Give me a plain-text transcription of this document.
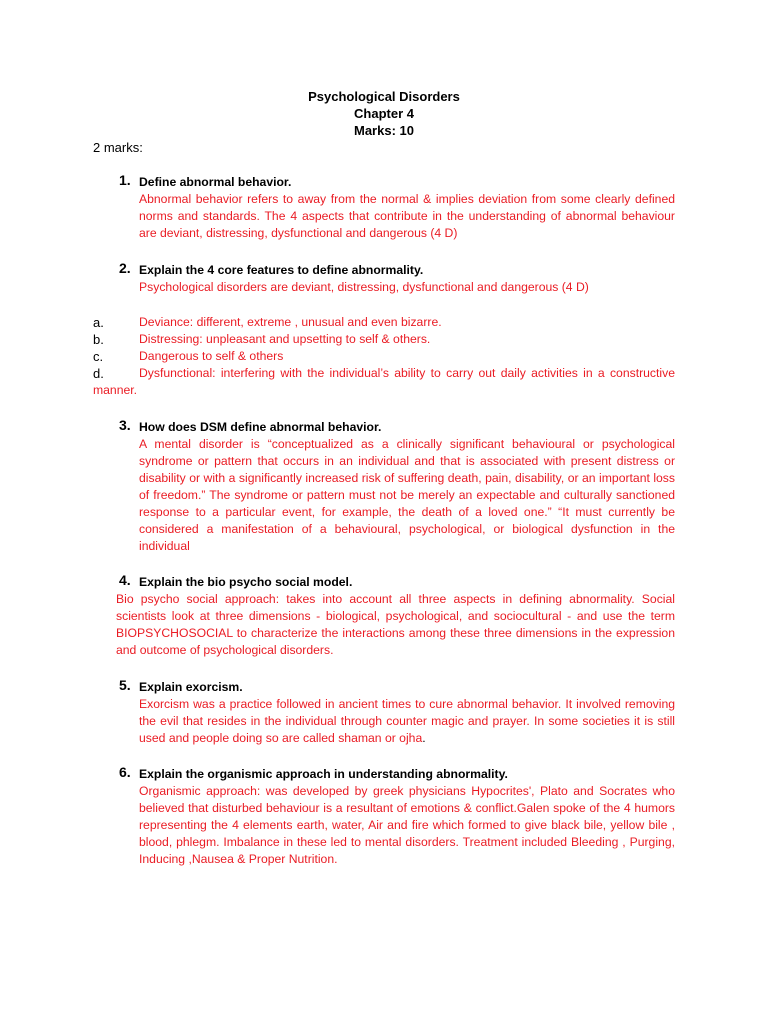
Psychological Disorders
Chapter 4
Marks: 10
2 marks:
1. Define abnormal behavior.
Abnormal behavior refers to away from the normal & implies deviation from some clearly defined norms and standards. The 4 aspects that contribute in the understanding of abnormal behaviour are deviant, distressing, dysfunctional and dangerous (4 D)
2. Explain the 4 core features to define abnormality.
Psychological disorders are deviant, distressing, dysfunctional and dangerous (4 D)
a.	Deviance: different, extreme , unusual and even bizarre.
b.	Distressing: unpleasant and upsetting to self & others.
c.	Dangerous to self & others
d.	Dysfunctional: interfering with the individual’s ability to carry out daily activities in a constructive manner.
3. How does DSM define abnormal behavior.
A mental disorder is “conceptualized as a clinically significant behavioural or psychological syndrome or pattern that occurs in an individual and that is associated with present distress or disability or with a significantly increased risk of suffering death, pain, disability, or an important loss of freedom.” The syndrome or pattern must not be merely an expectable and culturally sanctioned response to a particular event, for example, the death of a loved one.” “It must currently be considered a manifestation of a behavioural, psychological, or biological dysfunction in the individual
4. Explain the bio psycho social model.
Bio psycho social approach: takes into account all three aspects in defining abnormality. Social scientists look at three dimensions - biological, psychological, and sociocultural - and use the term BIOPSYCHOSOCIAL to characterize the interactions among these three dimensions in the expression and outcome of psychological disorders.
5. Explain exorcism.
Exorcism was a practice followed in ancient times to cure abnormal behavior. It involved removing the evil that resides in the individual through counter magic and prayer. In some societies it is still used and people doing so are called shaman or ojha.
6. Explain the organismic approach in understanding abnormality.
Organismic approach: was developed by greek physicians Hypocrites', Plato and Socrates who believed that disturbed behaviour is a resultant of emotions & conflict.Galen spoke of the 4 humors representing the 4 elements earth, water, Air and fire which formed to give black bile, yellow bile , blood, phlegm. Imbalance in these led to mental disorders. Treatment included Bleeding , Purging, Inducing ,Nausea & Proper Nutrition.
